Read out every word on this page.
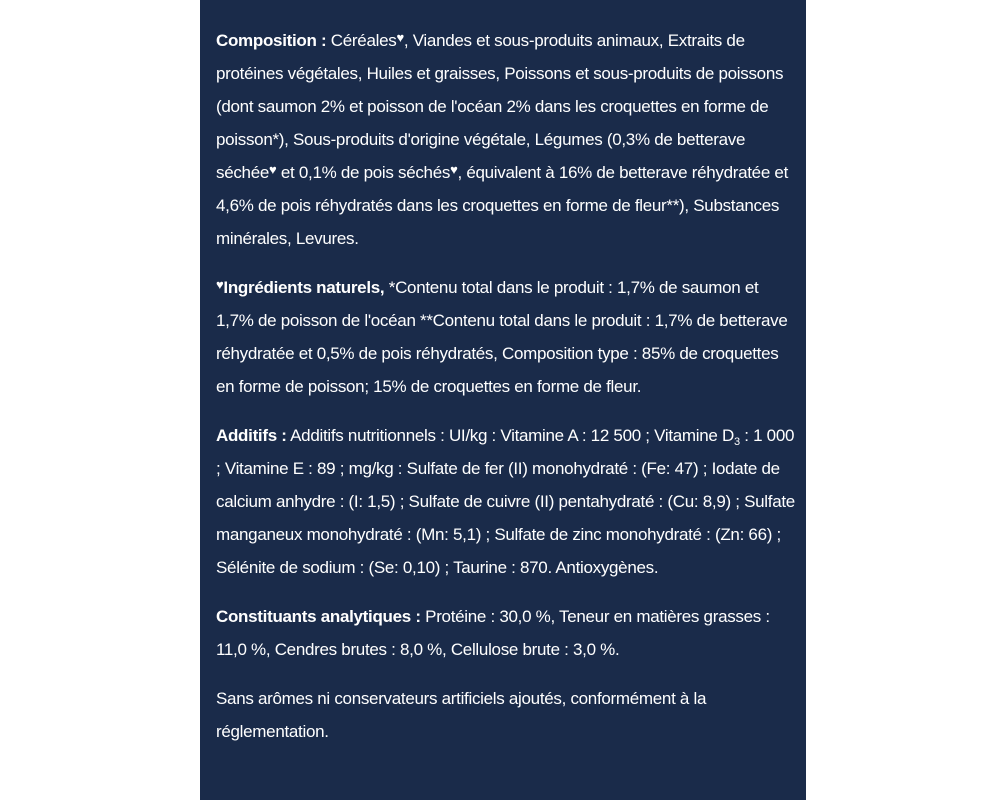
Composition : Céréales♥, Viandes et sous-produits animaux, Extraits de protéines végétales, Huiles et graisses, Poissons et sous-produits de poissons (dont saumon 2% et poisson de l'océan 2% dans les croquettes en forme de poisson*), Sous-produits d'origine végétale, Légumes (0,3% de betterave séchée♥ et 0,1% de pois séchés♥, équivalent à 16% de betterave réhydratée et 4,6% de pois réhydratés dans les croquettes en forme de fleur**), Substances minérales, Levures.

♥Ingrédients naturels, *Contenu total dans le produit : 1,7% de saumon et 1,7% de poisson de l'océan **Contenu total dans le produit : 1,7% de betterave réhydratée et 0,5% de pois réhydratés, Composition type : 85% de croquettes en forme de poisson; 15% de croquettes en forme de fleur.

Additifs : Additifs nutritionnels : UI/kg : Vitamine A : 12 500 ; Vitamine $D_3$ : 1 000 ; Vitamine E : 89 ; mg/kg : Sulfate de fer (II) monohydraté : (Fe: 47) ; Iodate de calcium anhydre : (I: 1,5) ; Sulfate de cuivre (II) pentahydraté : (Cu: 8,9) ; Sulfate manganeux monohydraté : (Mn: 5,1) ; Sulfate de zinc monohydraté : (Zn: 66) ; Sélénite de sodium : (Se: 0,10) ; Taurine : 870. Antioxygènes.

Constituants analytiques : Protéine : 30,0 %, Teneur en matières grasses : 11,0 %, Cendres brutes : 8,0 %, Cellulose brute : 3,0 %.

Sans arômes ni conservateurs artificiels ajoutés, conformément à la réglementation.
